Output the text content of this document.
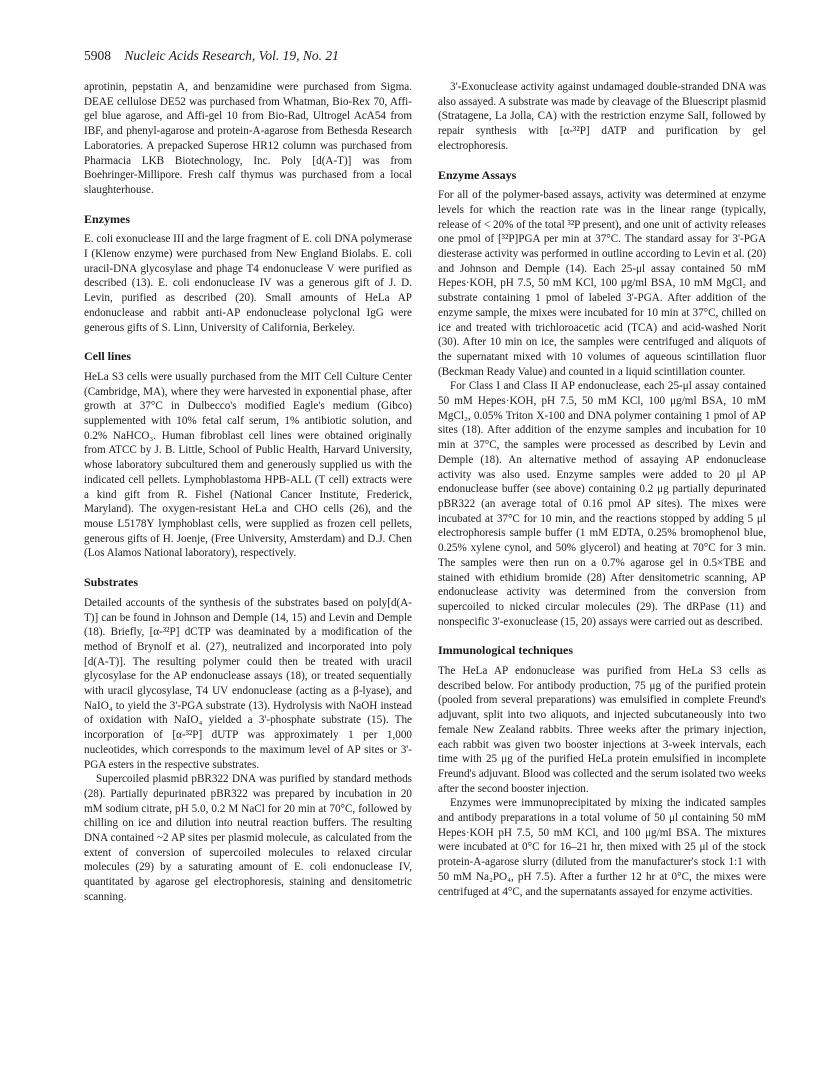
5908 Nucleic Acids Research, Vol. 19, No. 21

aprotinin, pepstatin A, and benzamidine were purchased from Sigma. DEAE cellulose DE52 was purchased from Whatman, Bio-Rex 70, Affi-gel blue agarose, and Affi-gel 10 from Bio-Rad, Ultrogel AcA54 from IBF, and phenyl-agarose and protein-A-agarose from Bethesda Research Laboratories. A prepacked Superose HR12 column was purchased from Pharmacia LKB Biotechnology, Inc. Poly [d(A-T)] was from Boehringer-Millipore. Fresh calf thymus was purchased from a local slaughterhouse.

Enzymes

E. coli exonuclease III and the large fragment of E. coli DNA polymerase I (Klenow enzyme) were purchased from New England Biolabs. E. coli uracil-DNA glycosylase and phage T4 endonuclease V were purified as described (13). E. coli endonuclease IV was a generous gift of J. D. Levin, purified as described (20). Small amounts of HeLa AP endonuclease and rabbit anti-AP endonuclease polyclonal IgG were generous gifts of S. Linn, University of California, Berkeley.

Cell lines

HeLa S3 cells were usually purchased from the MIT Cell Culture Center (Cambridge, MA), where they were harvested in exponential phase, after growth at 37°C in Dulbecco's modified Eagle's medium (Gibco) supplemented with 10% fetal calf serum, 1% antibiotic solution, and 0.2% NaHCO₃. Human fibroblast cell lines were obtained originally from ATCC by J. B. Little, School of Public Health, Harvard University, whose laboratory subcultured them and generously supplied us with the indicated cell pellets. Lymphoblastoma HPB-ALL (T cell) extracts were a kind gift from R. Fishel (National Cancer Institute, Frederick, Maryland). The oxygen-resistant HeLa and CHO cells (26), and the mouse L5178Y lymphoblast cells, were supplied as frozen cell pellets, generous gifts of H. Joenje, (Free University, Amsterdam) and D.J. Chen (Los Alamos National laboratory), respectively.

Substrates

Detailed accounts of the synthesis of the substrates based on poly[d(A-T)] can be found in Johnson and Demple (14, 15) and Levin and Demple (18). Briefly, [α-³²P] dCTP was deaminated by a modification of the method of Brynolf et al. (27), neutralized and incorporated into poly [d(A-T)]. The resulting polymer could then be treated with uracil glycosylase for the AP endonuclease assays (18), or treated sequentially with uracil glycosylase, T4 UV endonuclease (acting as a β-lyase), and NaIO₄ to yield the 3'-PGA substrate (13). Hydrolysis with NaOH instead of oxidation with NaIO₄ yielded a 3'-phosphate substrate (15). The incorporation of [α-³²P] dUTP was approximately 1 per 1,000 nucleotides, which corresponds to the maximum level of AP sites or 3'-PGA esters in the respective substrates.

Supercoiled plasmid pBR322 DNA was purified by standard methods (28). Partially depurinated pBR322 was prepared by incubation in 20 mM sodium citrate, pH 5.0, 0.2 M NaCl for 20 min at 70°C, followed by chilling on ice and dilution into neutral reaction buffers. The resulting DNA contained ~2 AP sites per plasmid molecule, as calculated from the extent of conversion of supercoiled molecules to relaxed circular molecules (29) by a saturating amount of E. coli endonuclease IV, quantitated by agarose gel electrophoresis, staining and densitometric scanning.

3'-Exonuclease activity against undamaged double-stranded DNA was also assayed. A substrate was made by cleavage of the Bluescript plasmid (Stratagene, La Jolla, CA) with the restriction enzyme SalI, followed by repair synthesis with [α-³²P] dATP and purification by gel electrophoresis.

Enzyme Assays

For all of the polymer-based assays, activity was determined at enzyme levels for which the reaction rate was in the linear range (typically, release of < 20% of the total ³²P present), and one unit of activity releases one pmol of [³²P]PGA per min at 37°C. The standard assay for 3'-PGA diesterase activity was performed in outline according to Levin et al. (20) and Johnson and Demple (14). Each 25-μl assay contained 50 mM Hepes·KOH, pH 7.5, 50 mM KCl, 100 μg/ml BSA, 10 mM MgCl₂ and substrate containing 1 pmol of labeled 3'-PGA. After addition of the enzyme sample, the mixes were incubated for 10 min at 37°C, chilled on ice and treated with trichloroacetic acid (TCA) and acid-washed Norit (30). After 10 min on ice, the samples were centrifuged and aliquots of the supernatant mixed with 10 volumes of aqueous scintillation fluor (Beckman Ready Value) and counted in a liquid scintillation counter.

For Class I and Class II AP endonuclease, each 25-μl assay contained 50 mM Hepes·KOH, pH 7.5, 50 mM KCl, 100 μg/ml BSA, 10 mM MgCl₂, 0.05% Triton X-100 and DNA polymer containing 1 pmol of AP sites (18). After addition of the enzyme samples and incubation for 10 min at 37°C, the samples were processed as described by Levin and Demple (18). An alternative method of assaying AP endonuclease activity was also used. Enzyme samples were added to 20 μl AP endonuclease buffer (see above) containing 0.2 μg partially depurinated pBR322 (an average total of 0.16 pmol AP sites). The mixes were incubated at 37°C for 10 min, and the reactions stopped by adding 5 μl electrophoresis sample buffer (1 mM EDTA, 0.25% bromophenol blue, 0.25% xylene cynol, and 50% glycerol) and heating at 70°C for 3 min. The samples were then run on a 0.7% agarose gel in 0.5×TBE and stained with ethidium bromide (28) After densitometric scanning, AP endonuclease activity was determined from the conversion from supercoiled to nicked circular molecules (29). The dRPase (11) and nonspecific 3'-exonuclease (15, 20) assays were carried out as described.

Immunological techniques

The HeLa AP endonuclease was purified from HeLa S3 cells as described below. For antibody production, 75 μg of the purified protein (pooled from several preparations) was emulsified in complete Freund's adjuvant, split into two aliquots, and injected subcutaneously into two female New Zealand rabbits. Three weeks after the primary injection, each rabbit was given two booster injections at 3-week intervals, each time with 25 μg of the purified HeLa protein emulsified in incomplete Freund's adjuvant. Blood was collected and the serum isolated two weeks after the second booster injection.

Enzymes were immunoprecipitated by mixing the indicated samples and antibody preparations in a total volume of 50 μl containing 50 mM Hepes·KOH pH 7.5, 50 mM KCl, and 100 μg/ml BSA. The mixtures were incubated at 0°C for 16–21 hr, then mixed with 25 μl of the stock protein-A-agarose slurry (diluted from the manufacturer's stock 1:1 with 50 mM Na₂PO₄, pH 7.5). After a further 12 hr at 0°C, the mixes were centrifuged at 4°C, and the supernatants assayed for enzyme activities.
